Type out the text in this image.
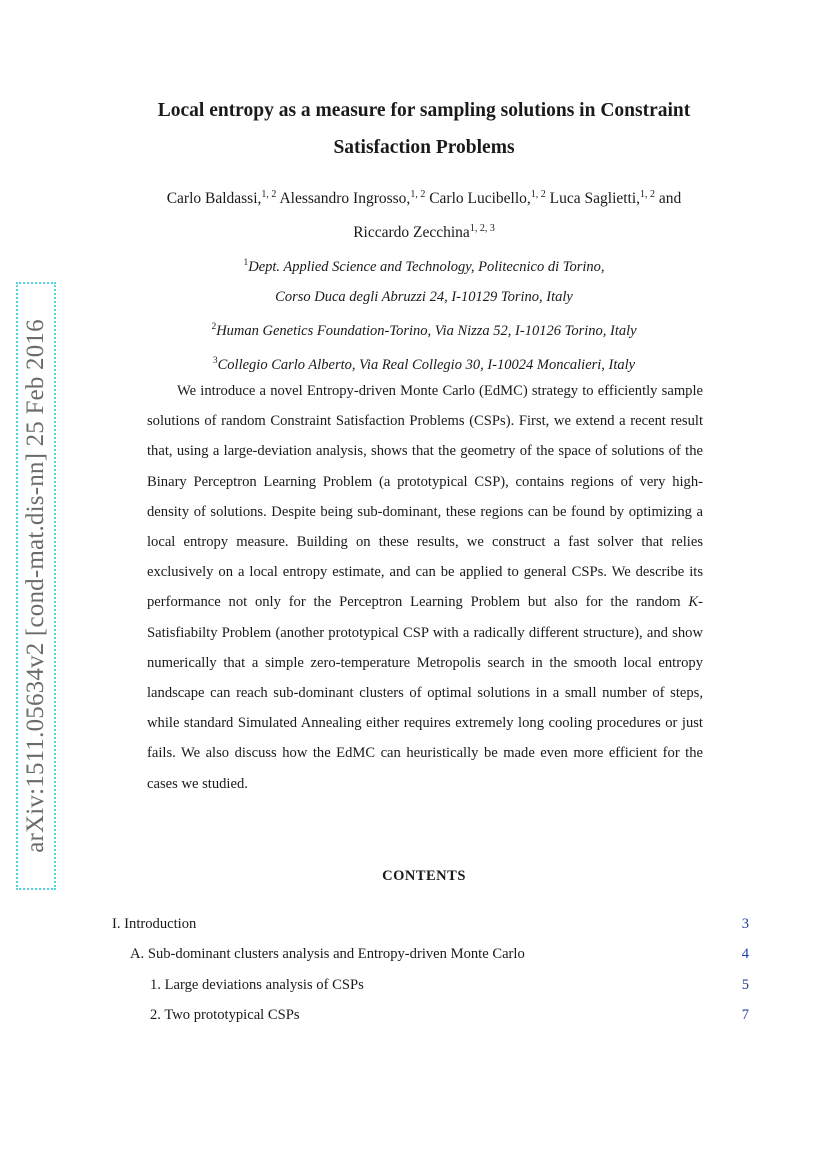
arXiv:1511.05634v2 [cond-mat.dis-nn] 25 Feb 2016
Local entropy as a measure for sampling solutions in Constraint
Satisfaction Problems
Carlo Baldassi,$^{1, 2}$ Alessandro Ingrosso,$^{1, 2}$ Carlo Lucibello,$^{1, 2}$ Luca Saglietti,$^{1, 2}$ and Riccardo Zecchina$^{1, 2, 3}$
$^1$Dept. Applied Science and Technology, Politecnico di Torino,
Corso Duca degli Abruzzi 24, I-10129 Torino, Italy
$^2$Human Genetics Foundation-Torino, Via Nizza 52, I-10126 Torino, Italy
$^3$Collegio Carlo Alberto, Via Real Collegio 30, I-10024 Moncalieri, Italy

We introduce a novel Entropy-driven Monte Carlo (EdMC) strategy to efficiently sample solutions of random Constraint Satisfaction Problems (CSPs). First, we extend a recent result that, using a large-deviation analysis, shows that the geometry of the space of solutions of the Binary Perceptron Learning Problem (a prototypical CSP), contains regions of very high-density of solutions. Despite being sub-dominant, these regions can be found by optimizing a local entropy measure. Building on these results, we construct a fast solver that relies exclusively on a local entropy estimate, and can be applied to general CSPs. We describe its performance not only for the Perceptron Learning Problem but also for the random K-Satisfiabilty Problem (another prototypical CSP with a radically different structure), and show numerically that a simple zero-temperature Metropolis search in the smooth local entropy landscape can reach sub-dominant clusters of optimal solutions in a small number of steps, while standard Simulated Annealing either requires extremely long cooling procedures or just fails. We also discuss how the EdMC can heuristically be made even more efficient for the cases we studied.

CONTENTS
I. Introduction	3
A. Sub-dominant clusters analysis and Entropy-driven Monte Carlo	4
1. Large deviations analysis of CSPs	5
2. Two prototypical CSPs	7
